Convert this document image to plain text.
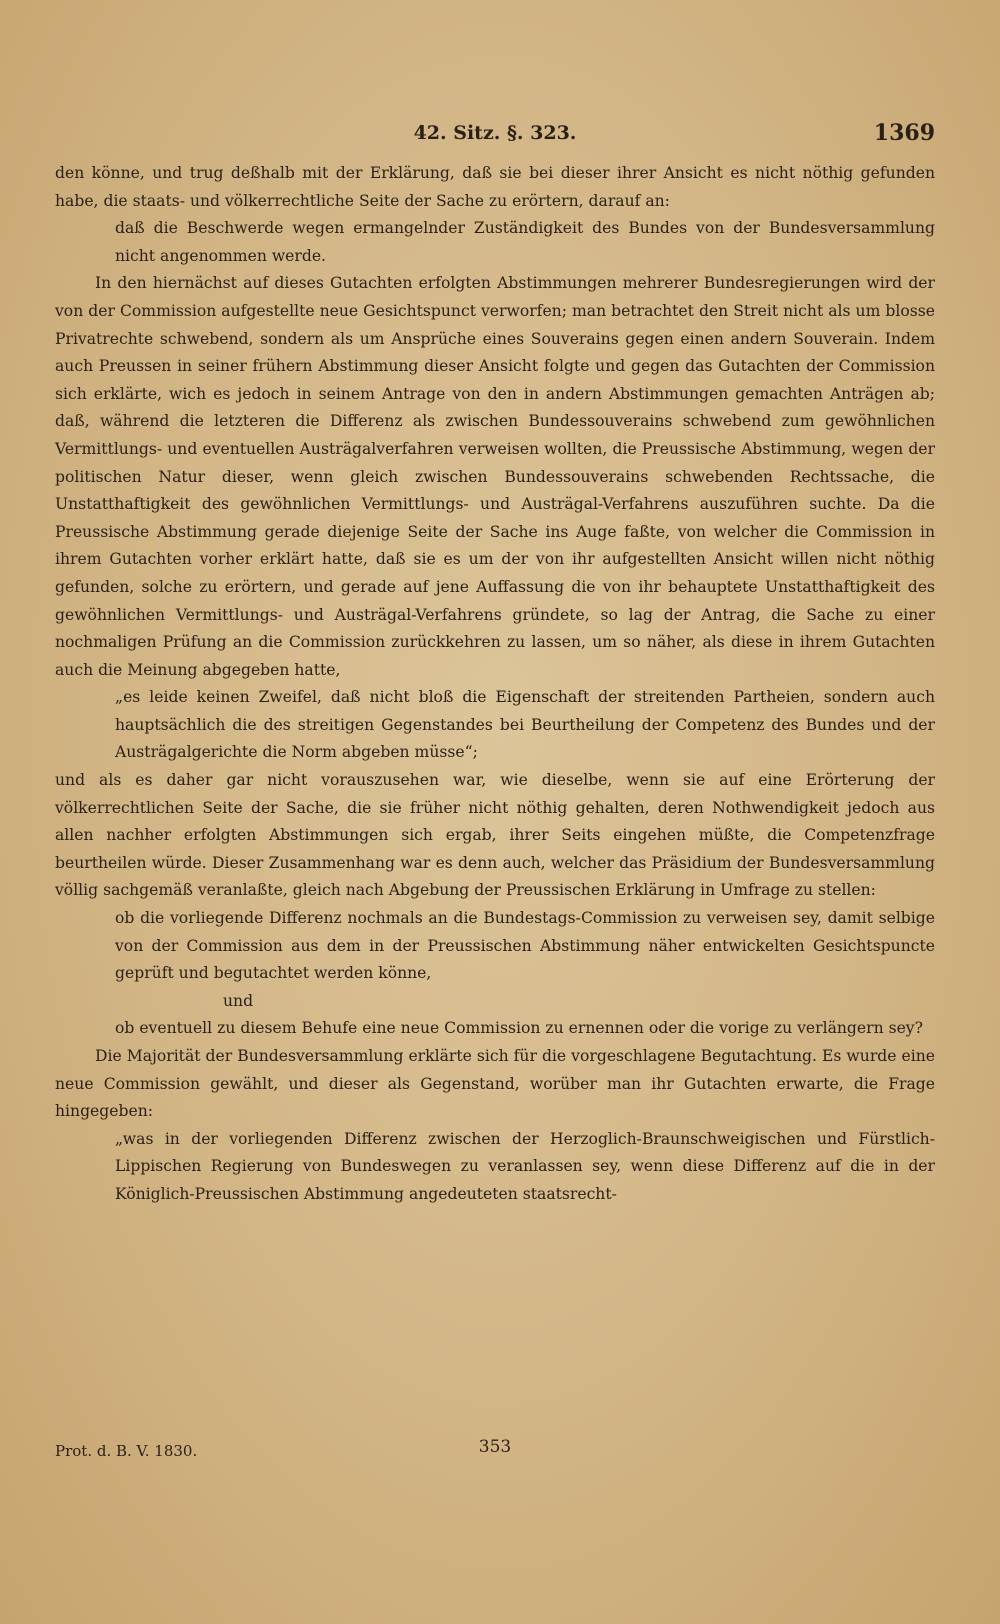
42. Sitz. §. 323.	1369

den könne, und trug deßhalb mit der Erklärung, daß sie bei dieser ihrer Ansicht es nicht nöthig gefunden habe, die staats- und völkerrechtliche Seite der Sache zu erörtern, darauf an:

daß die Beschwerde wegen ermangelnder Zuständigkeit des Bundes von der Bundesversammlung nicht angenommen werde.

In den hiernächst auf dieses Gutachten erfolgten Abstimmungen mehrerer Bundesregierungen wird der von der Commission aufgestellte neue Gesichtspunct verworfen; man betrachtet den Streit nicht als um blosse Privatrechte schwebend, sondern als um Ansprüche eines Souverains gegen einen andern Souverain. Indem auch Preussen in seiner frühern Abstimmung dieser Ansicht folgte und gegen das Gutachten der Commission sich erklärte, wich es jedoch in seinem Antrage von den in andern Abstimmungen gemachten Anträgen ab; daß, während die letzteren die Differenz als zwischen Bundessouverains schwebend zum gewöhnlichen Vermittlungs- und eventuellen Austrägalverfahren verweisen wollten, die Preussische Abstimmung, wegen der politischen Natur dieser, wenn gleich zwischen Bundessouverains schwebenden Rechtssache, die Unstatthaftigkeit des gewöhnlichen Vermittlungs- und Austrägal-Verfahrens auszuführen suchte. Da die Preussische Abstimmung gerade diejenige Seite der Sache ins Auge faßte, von welcher die Commission in ihrem Gutachten vorher erklärt hatte, daß sie es um der von ihr aufgestellten Ansicht willen nicht nöthig gefunden, solche zu erörtern, und gerade auf jene Auffassung die von ihr behauptete Unstatthaftigkeit des gewöhnlichen Vermittlungs- und Austrägal-Verfahrens gründete, so lag der Antrag, die Sache zu einer nochmaligen Prüfung an die Commission zurückkehren zu lassen, um so näher, als diese in ihrem Gutachten auch die Meinung abgegeben hatte,

„es leide keinen Zweifel, daß nicht bloß die Eigenschaft der streitenden Partheien, sondern auch hauptsächlich die des streitigen Gegenstandes bei Beurtheilung der Competenz des Bundes und der Austrägalgerichte die Norm abgeben müsse“;

und als es daher gar nicht vorauszusehen war, wie dieselbe, wenn sie auf eine Erörterung der völkerrechtlichen Seite der Sache, die sie früher nicht nöthig gehalten, deren Nothwendigkeit jedoch aus allen nachher erfolgten Abstimmungen sich ergab, ihrer Seits eingehen müßte, die Competenzfrage beurtheilen würde. Dieser Zusammenhang war es denn auch, welcher das Präsidium der Bundesversammlung völlig sachgemäß veranlaßte, gleich nach Abgebung der Preussischen Erklärung in Umfrage zu stellen:

ob die vorliegende Differenz nochmals an die Bundestags-Commission zu verweisen sey, damit selbige von der Commission aus dem in der Preussischen Abstimmung näher entwickelten Gesichtspuncte geprüft und begutachtet werden könne,

und

ob eventuell zu diesem Behufe eine neue Commission zu ernennen oder die vorige zu verlängern sey?

Die Majorität der Bundesversammlung erklärte sich für die vorgeschlagene Begutachtung. Es wurde eine neue Commission gewählt, und dieser als Gegenstand, worüber man ihr Gutachten erwarte, die Frage hingegeben:

„was in der vorliegenden Differenz zwischen der Herzoglich-Braunschweigischen und Fürstlich-Lippischen Regierung von Bundeswegen zu veranlassen sey, wenn diese Differenz auf die in der Königlich-Preussischen Abstimmung angedeuteten staatsrecht-

Prot. d. B. V. 1830.	353
